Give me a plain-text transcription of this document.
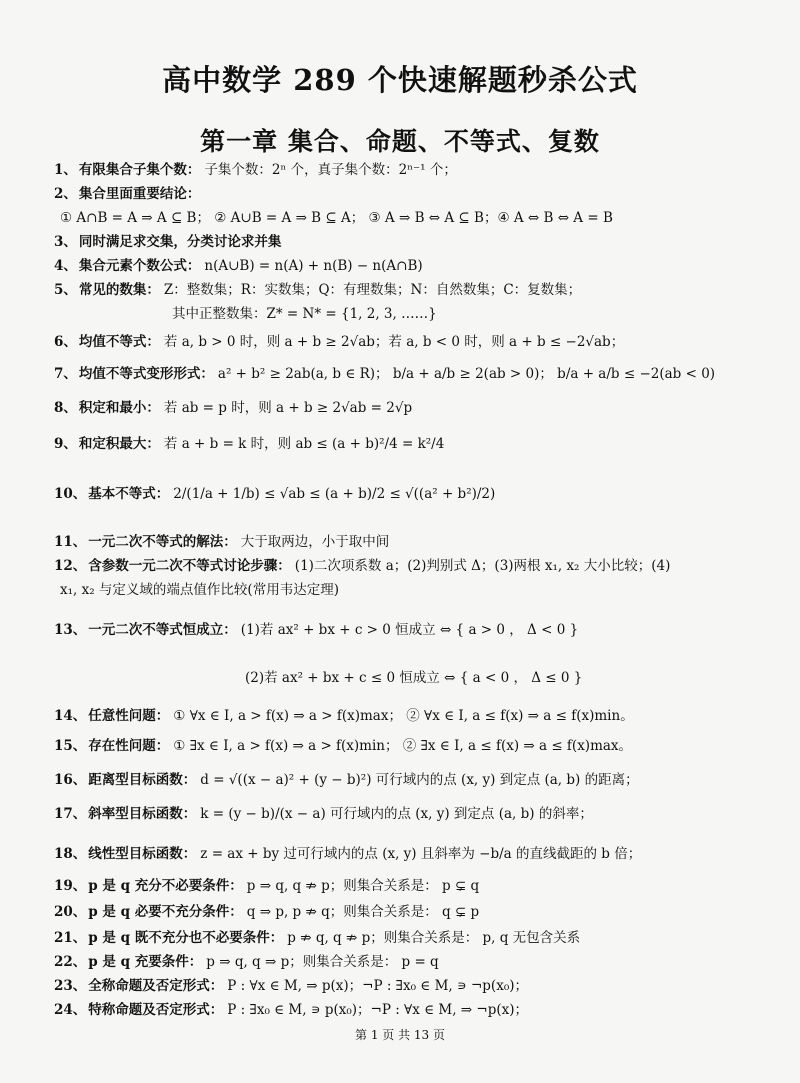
高中数学 289 个快速解题秒杀公式
第一章 集合、命题、不等式、复数
1、 有限集合子集个数： 子集个数：2ⁿ 个，真子集个数：2ⁿ⁻¹ 个；
2、 集合里面重要结论：
① A∩B = A ⇒ A ⊆ B； ② A∪B = A ⇒ B ⊆ A； ③ A ⇒ B ⇔ A ⊆ B；④ A ⇔ B ⇔ A = B
3、 同时满足求交集，分类讨论求并集
4、 集合元素个数公式： n(A∪B) = n(A) + n(B) − n(A∩B)
5、 常见的数集： Z：整数集；R：实数集；Q：有理数集；N：自然数集；C：复数集；
其中正整数集：Z* = N* = {1, 2, 3, ……}
6、 均值不等式： 若 a, b > 0 时，则 a + b ≥ 2√ab；若 a, b < 0 时，则 a + b ≤ −2√ab；
7、 均值不等式变形形式： a² + b² ≥ 2ab(a, b ∈ R)； b/a + a/b ≥ 2(ab > 0)； b/a + a/b ≤ −2(ab < 0)
8、 积定和最小： 若 ab = p 时，则 a + b ≥ 2√ab = 2√p
9、 和定积最大： 若 a + b = k 时，则 ab ≤ (a + b)²/4 = k²/4
10、 基本不等式： 2/(1/a + 1/b) ≤ √ab ≤ (a + b)/2 ≤ √((a² + b²)/2)
11、 一元二次不等式的解法： 大于取两边，小于取中间
12、 含参数一元二次不等式讨论步骤： (1)二次项系数 a；(2)判别式 Δ；(3)两根 x₁, x₂ 大小比较；(4)
x₁, x₂ 与定义域的端点值作比较(常用韦达定理)
13、 一元二次不等式恒成立： (1)若 ax² + bx + c > 0 恒成立 ⇔ { a > 0 ， Δ < 0 }
(2)若 ax² + bx + c ≤ 0 恒成立 ⇔ { a < 0 ， Δ ≤ 0 }
14、 任意性问题： ① ∀x ∈ I, a > f(x) ⇒ a > f(x)max； ② ∀x ∈ I, a ≤ f(x) ⇒ a ≤ f(x)min。
15、 存在性问题： ① ∃x ∈ I, a > f(x) ⇒ a > f(x)min； ② ∃x ∈ I, a ≤ f(x) ⇒ a ≤ f(x)max。
16、 距离型目标函数： d = √((x − a)² + (y − b)²) 可行域内的点 (x, y) 到定点 (a, b) 的距离；
17、 斜率型目标函数： k = (y − b)/(x − a) 可行域内的点 (x, y) 到定点 (a, b) 的斜率；
18、 线性型目标函数： z = ax + by 过可行域内的点 (x, y) 且斜率为 −b/a 的直线截距的 b 倍；
19、 p 是 q 充分不必要条件： p ⇒ q, q ⇏ p；则集合关系是： p ⊊ q
20、 p 是 q 必要不充分条件： q ⇒ p, p ⇏ q；则集合关系是： q ⊊ p
21、 p 是 q 既不充分也不必要条件： p ⇏ q, q ⇏ p；则集合关系是： p, q 无包含关系
22、 p 是 q 充要条件： p ⇒ q, q ⇒ p；则集合关系是： p = q
23、 全称命题及否定形式： P : ∀x ∈ M, ⇒ p(x)；¬P : ∃x₀ ∈ M, ∍ ¬p(x₀)；
24、 特称命题及否定形式： P : ∃x₀ ∈ M, ∍ p(x₀)；¬P : ∀x ∈ M, ⇒ ¬p(x)；
第 1 页 共 13 页
